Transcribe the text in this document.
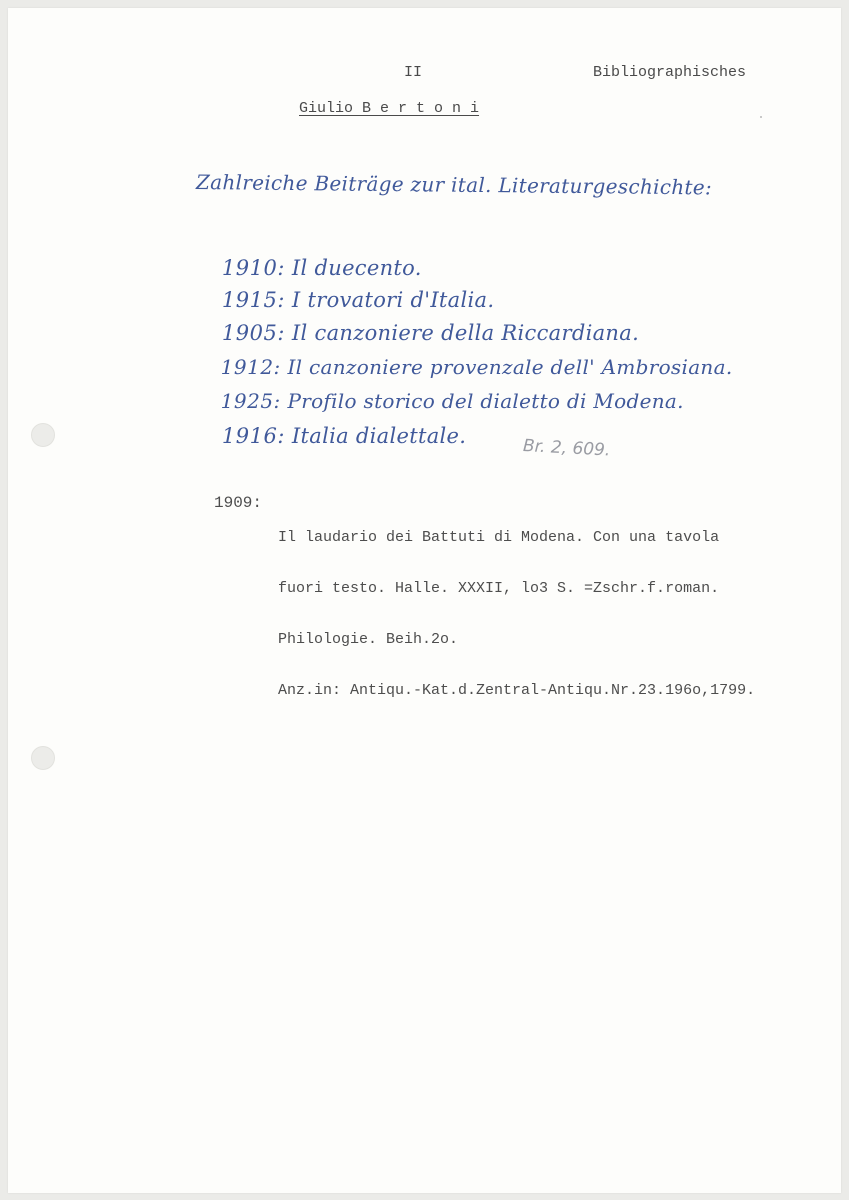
II	Bibliographisches
Giulio B e r t o n i
Zahlreiche Beiträge zur ital. Literaturgeschichte:

1910: Il duecento.

1915: I trovatori d'Italia.

1905: Il canzoniere della Riccardiana.

1912: Il canzoniere provenzale dell' Ambrosiana.

1925: Profilo storico del dialetto di Modena.

1916: Italia dialettale.

Br. 2, 609.
1909:

Il laudario dei Battuti di Modena. Con una tavola

fuori testo. Halle. XXXII, lo3 S. =Zschr.f.roman.

Philologie. Beih.2o.

Anz.in: Antiqu.-Kat.d.Zentral-Antiqu.Nr.23.196o,1799.
